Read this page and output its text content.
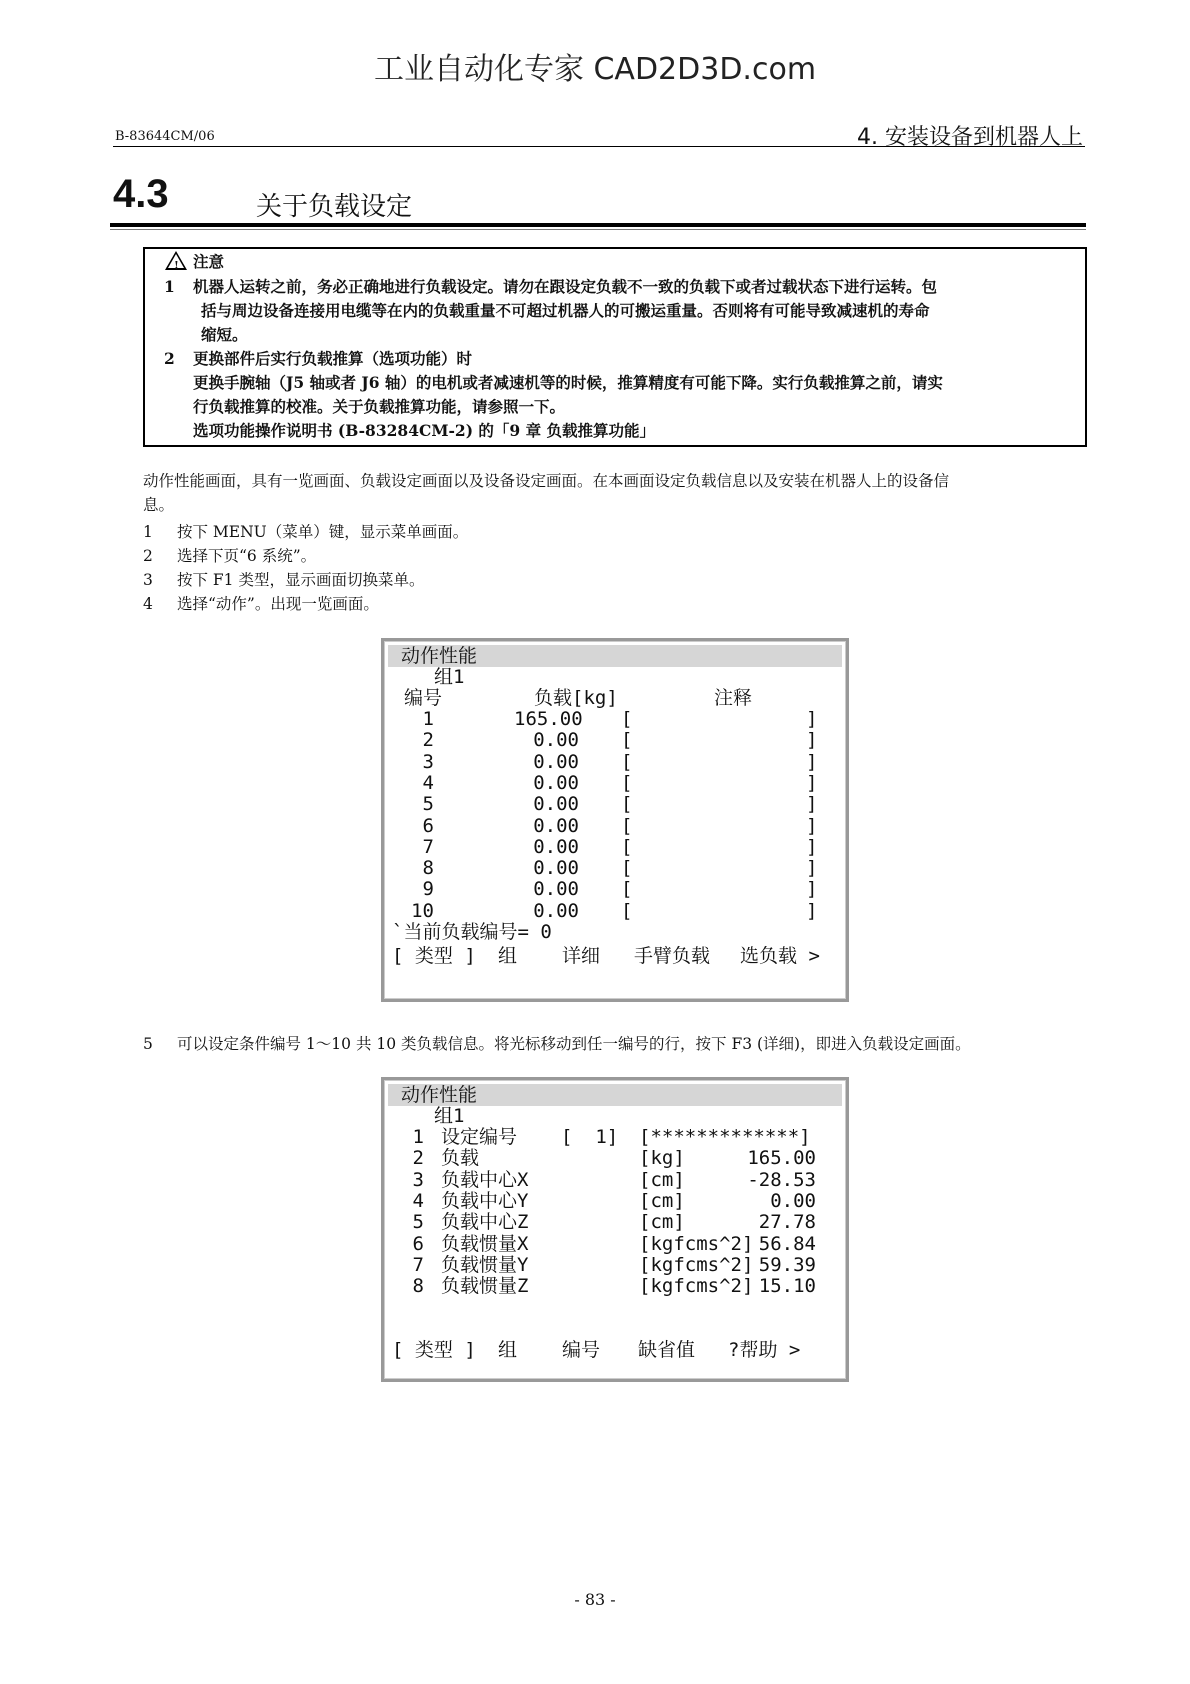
工业自动化专家 CAD2D3D.com
B-83644CM/06	4. 安装设备到机器人上
4.3	关于负载设定
! 注意
1 机器人运转之前，务必正确地进行负载设定。请勿在跟设定负载不一致的负载下或者过载状态下进行运转。包
括与周边设备连接用电缆等在内的负载重量不可超过机器人的可搬运重量。否则将有可能导致减速机的寿命
缩短。
2 更换部件后实行负载推算（选项功能）时
更换手腕轴（J5 轴或者 J6 轴）的电机或者减速机等的时候，推算精度有可能下降。实行负载推算之前，请实
行负载推算的校准。关于负载推算功能，请参照一下。
选项功能操作说明书 (B-83284CM-2) 的「9 章 负载推算功能」
动作性能画面，具有一览画面、负载设定画面以及设备设定画面。在本画面设定负载信息以及安装在机器人上的设备信
息。
1 按下 MENU（菜单）键，显示菜单画面。
2 选择下页“6 系统”。
3 按下 F1 类型，显示画面切换菜单。
4 选择“动作”。出现一览画面。
动作性能
组1
编号	负载[kg]	注释
1	165.00 [	]
2	0.00 [	]
3	0.00 [	]
4	0.00 [	]
5	0.00 [	]
6	0.00 [	]
7	0.00 [	]
8	0.00 [	]
9	0.00 [	]
10	0.00 [	]
`当前负载编号= 0
[ 类型 ] 组 详细 手臂负载 选负载 >
5 可以设定条件编号 1～10 共 10 类负载信息。将光标移动到任一编号的行，按下 F3 (详细)，即进入负载设定画面。
动作性能
组1
1 设定编号 [  1] [*************]
2 负载	[kg]	165.00
3 负载中心X	[cm]	-28.53
4 负载中心Y	[cm]	0.00
5 负载中心Z	[cm]	27.78
6 负载惯量X	[kgfcms^2] 56.84
7 负载惯量Y	[kgfcms^2] 59.39
8 负载惯量Z	[kgfcms^2] 15.10
[ 类型 ] 组 编号 缺省值 ?帮助 >
- 83 -
